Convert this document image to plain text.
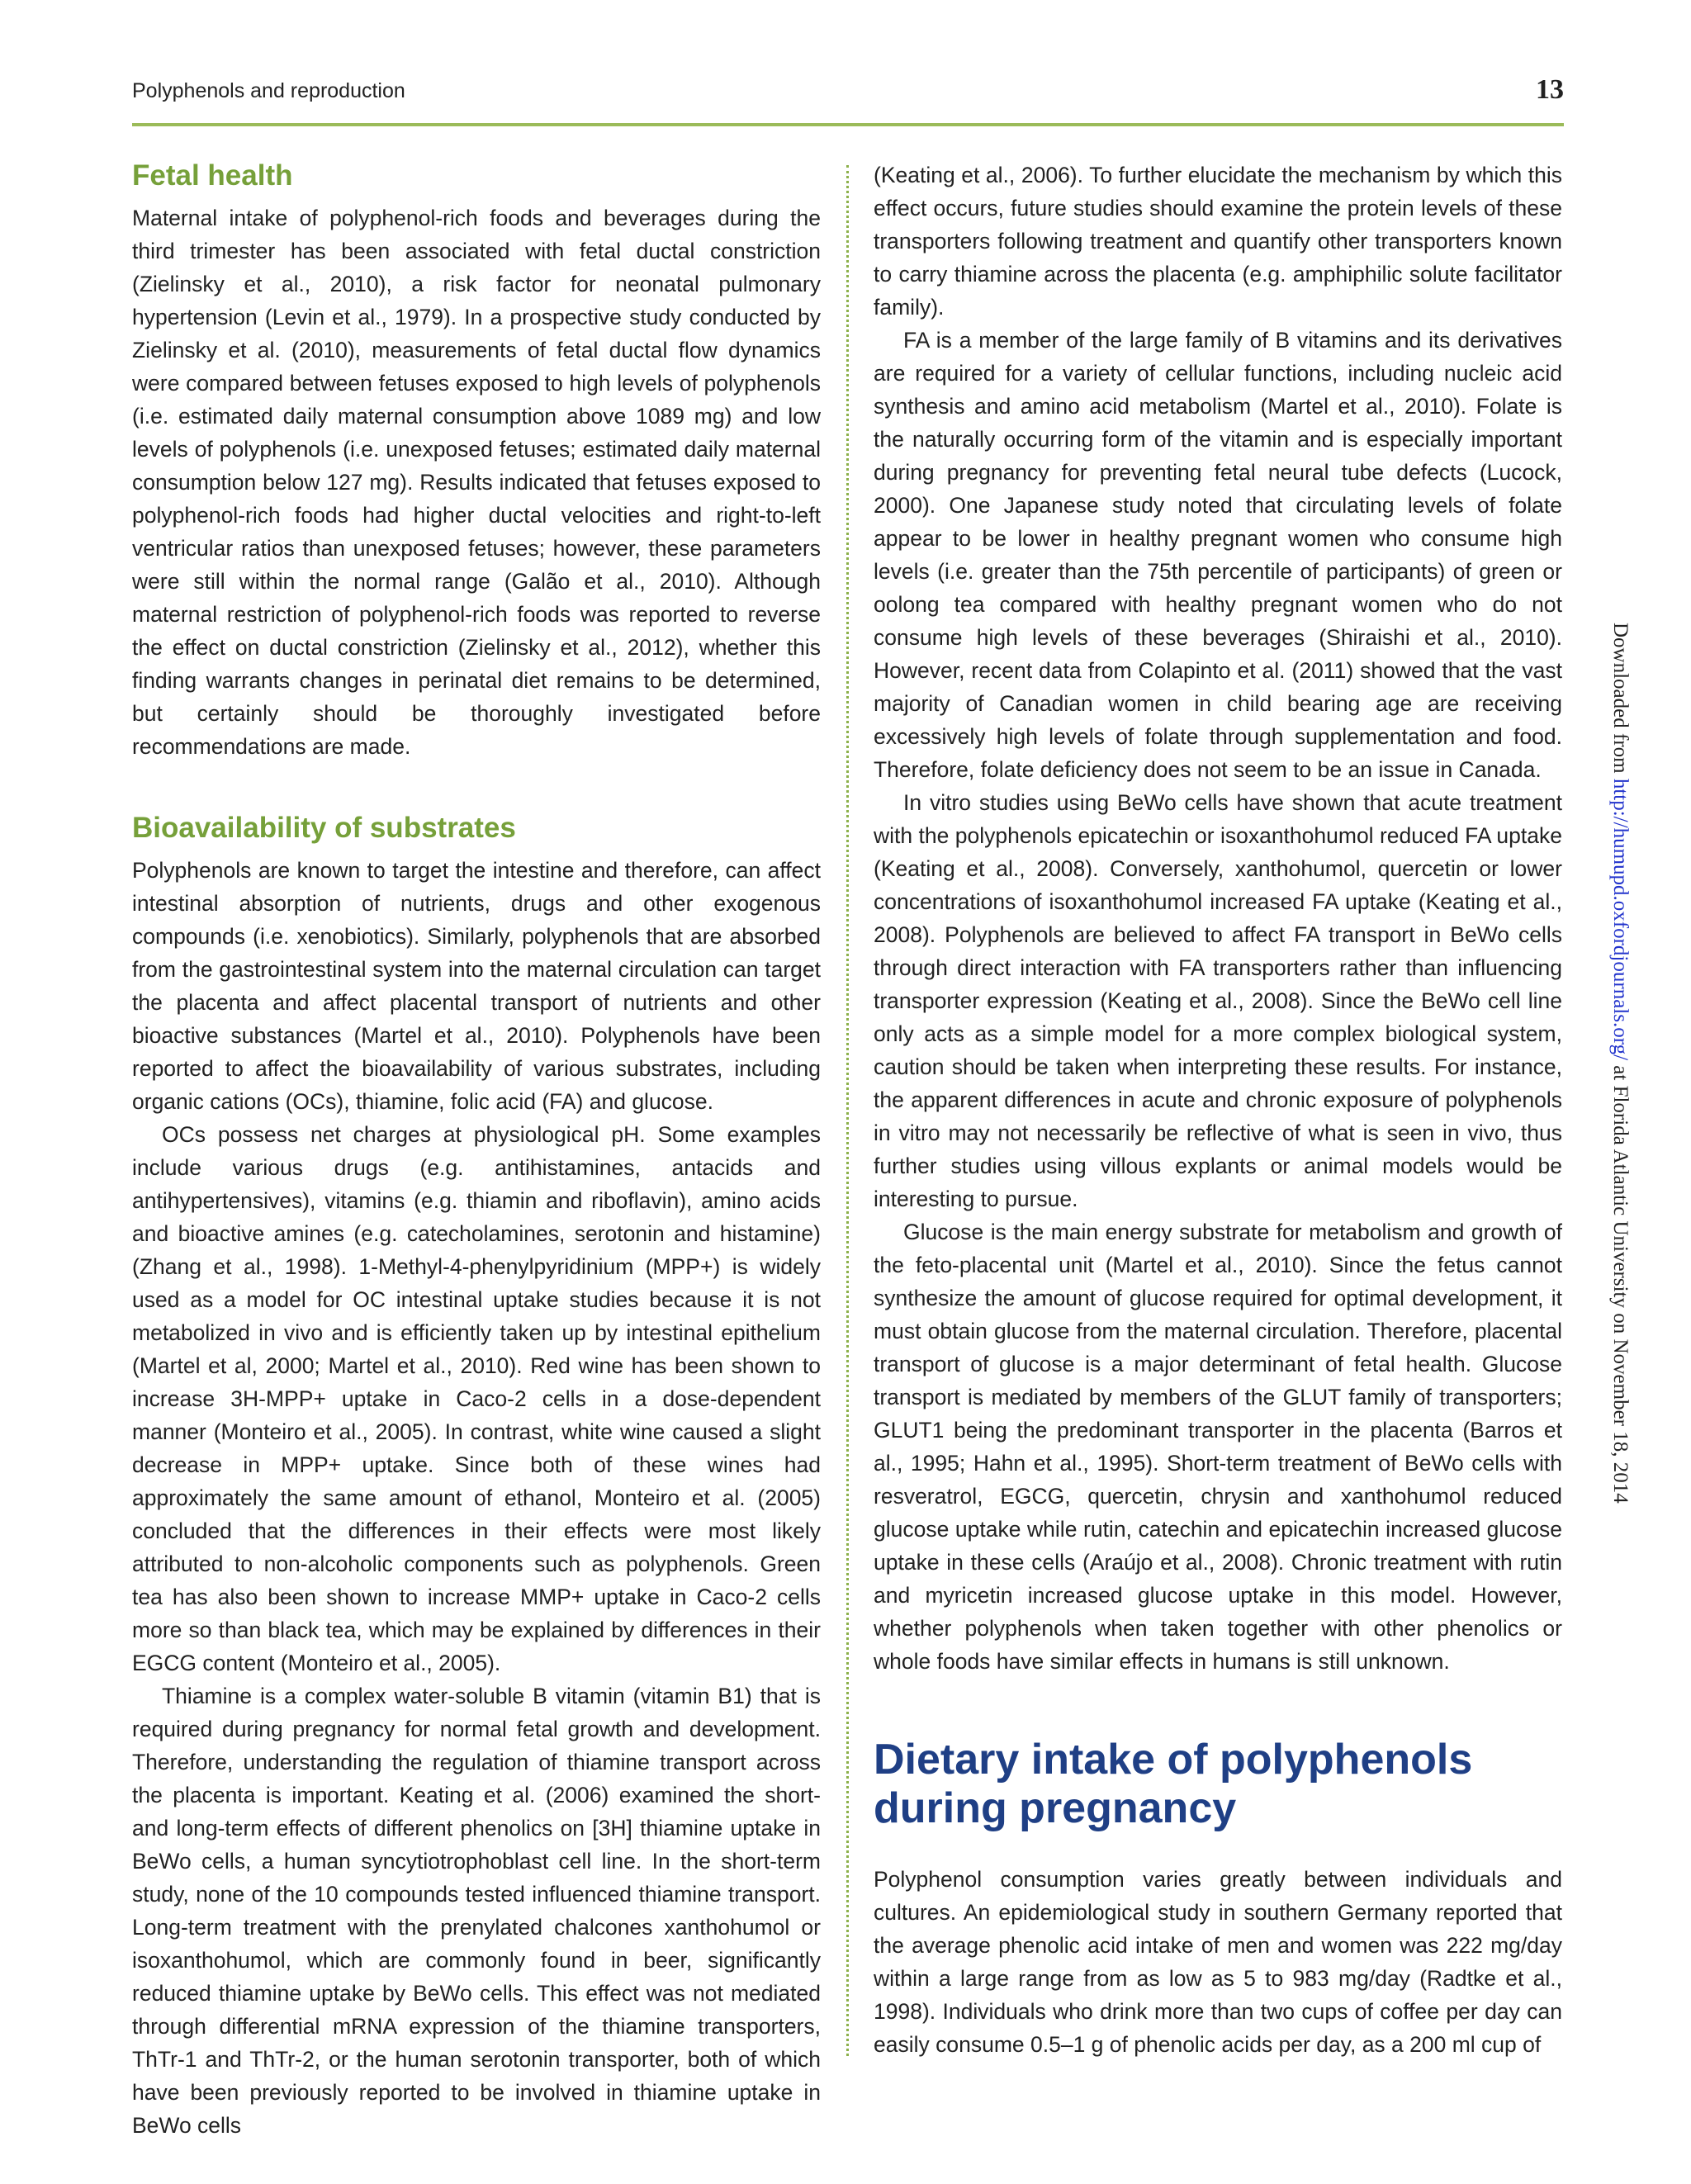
Polyphenols and reproduction	13
Fetal health

Maternal intake of polyphenol-rich foods and beverages during the third trimester has been associated with fetal ductal constriction (Zielinsky et al., 2010), a risk factor for neonatal pulmonary hypertension (Levin et al., 1979). In a prospective study conducted by Zielinsky et al. (2010), measurements of fetal ductal flow dynamics were compared between fetuses exposed to high levels of polyphenols (i.e. estimated daily maternal consumption above 1089 mg) and low levels of polyphenols (i.e. unexposed fetuses; estimated daily maternal consumption below 127 mg). Results indicated that fetuses exposed to polyphenol-rich foods had higher ductal velocities and right-to-left ventricular ratios than unexposed fetuses; however, these parameters were still within the normal range (Galão et al., 2010). Although maternal restriction of polyphenol-rich foods was reported to reverse the effect on ductal constriction (Zielinsky et al., 2012), whether this finding warrants changes in perinatal diet remains to be determined, but certainly should be thoroughly investigated before recommendations are made.

Bioavailability of substrates

Polyphenols are known to target the intestine and therefore, can affect intestinal absorption of nutrients, drugs and other exogenous compounds (i.e. xenobiotics). Similarly, polyphenols that are absorbed from the gastrointestinal system into the maternal circulation can target the placenta and affect placental transport of nutrients and other bioactive substances (Martel et al., 2010). Polyphenols have been reported to affect the bioavailability of various substrates, including organic cations (OCs), thiamine, folic acid (FA) and glucose.

OCs possess net charges at physiological pH. Some examples include various drugs (e.g. antihistamines, antacids and antihypertensives), vitamins (e.g. thiamin and riboflavin), amino acids and bioactive amines (e.g. catecholamines, serotonin and histamine) (Zhang et al., 1998). 1-Methyl-4-phenylpyridinium (MPP+) is widely used as a model for OC intestinal uptake studies because it is not metabolized in vivo and is efficiently taken up by intestinal epithelium (Martel et al, 2000; Martel et al., 2010). Red wine has been shown to increase 3H-MPP+ uptake in Caco-2 cells in a dose-dependent manner (Monteiro et al., 2005). In contrast, white wine caused a slight decrease in MPP+ uptake. Since both of these wines had approximately the same amount of ethanol, Monteiro et al. (2005) concluded that the differences in their effects were most likely attributed to non-alcoholic components such as polyphenols. Green tea has also been shown to increase MMP+ uptake in Caco-2 cells more so than black tea, which may be explained by differences in their EGCG content (Monteiro et al., 2005).

Thiamine is a complex water-soluble B vitamin (vitamin B1) that is required during pregnancy for normal fetal growth and development. Therefore, understanding the regulation of thiamine transport across the placenta is important. Keating et al. (2006) examined the short- and long-term effects of different phenolics on [3H] thiamine uptake in BeWo cells, a human syncytiotrophoblast cell line. In the short-term study, none of the 10 compounds tested influenced thiamine transport. Long-term treatment with the prenylated chalcones xanthohumol or isoxanthohumol, which are commonly found in beer, significantly reduced thiamine uptake by BeWo cells. This effect was not mediated through differential mRNA expression of the thiamine transporters, ThTr-1 and ThTr-2, or the human serotonin transporter, both of which have been previously reported to be involved in thiamine uptake in BeWo cells

(Keating et al., 2006). To further elucidate the mechanism by which this effect occurs, future studies should examine the protein levels of these transporters following treatment and quantify other transporters known to carry thiamine across the placenta (e.g. amphiphilic solute facilitator family).

FA is a member of the large family of B vitamins and its derivatives are required for a variety of cellular functions, including nucleic acid synthesis and amino acid metabolism (Martel et al., 2010). Folate is the naturally occurring form of the vitamin and is especially important during pregnancy for preventing fetal neural tube defects (Lucock, 2000). One Japanese study noted that circulating levels of folate appear to be lower in healthy pregnant women who consume high levels (i.e. greater than the 75th percentile of participants) of green or oolong tea compared with healthy pregnant women who do not consume high levels of these beverages (Shiraishi et al., 2010). However, recent data from Colapinto et al. (2011) showed that the vast majority of Canadian women in child bearing age are receiving excessively high levels of folate through supplementation and food. Therefore, folate deficiency does not seem to be an issue in Canada.

In vitro studies using BeWo cells have shown that acute treatment with the polyphenols epicatechin or isoxanthohumol reduced FA uptake (Keating et al., 2008). Conversely, xanthohumol, quercetin or lower concentrations of isoxanthohumol increased FA uptake (Keating et al., 2008). Polyphenols are believed to affect FA transport in BeWo cells through direct interaction with FA transporters rather than influencing transporter expression (Keating et al., 2008). Since the BeWo cell line only acts as a simple model for a more complex biological system, caution should be taken when interpreting these results. For instance, the apparent differences in acute and chronic exposure of polyphenols in vitro may not necessarily be reflective of what is seen in vivo, thus further studies using villous explants or animal models would be interesting to pursue.

Glucose is the main energy substrate for metabolism and growth of the feto-placental unit (Martel et al., 2010). Since the fetus cannot synthesize the amount of glucose required for optimal development, it must obtain glucose from the maternal circulation. Therefore, placental transport of glucose is a major determinant of fetal health. Glucose transport is mediated by members of the GLUT family of transporters; GLUT1 being the predominant transporter in the placenta (Barros et al., 1995; Hahn et al., 1995). Short-term treatment of BeWo cells with resveratrol, EGCG, quercetin, chrysin and xanthohumol reduced glucose uptake while rutin, catechin and epicatechin increased glucose uptake in these cells (Araújo et al., 2008). Chronic treatment with rutin and myricetin increased glucose uptake in this model. However, whether polyphenols when taken together with other phenolics or whole foods have similar effects in humans is still unknown.

Dietary intake of polyphenols during pregnancy

Polyphenol consumption varies greatly between individuals and cultures. An epidemiological study in southern Germany reported that the average phenolic acid intake of men and women was 222 mg/day within a large range from as low as 5 to 983 mg/day (Radtke et al., 1998). Individuals who drink more than two cups of coffee per day can easily consume 0.5–1 g of phenolic acids per day, as a 200 ml cup of

Downloaded from http://humupd.oxfordjournals.org/ at Florida Atlantic University on November 18, 2014
